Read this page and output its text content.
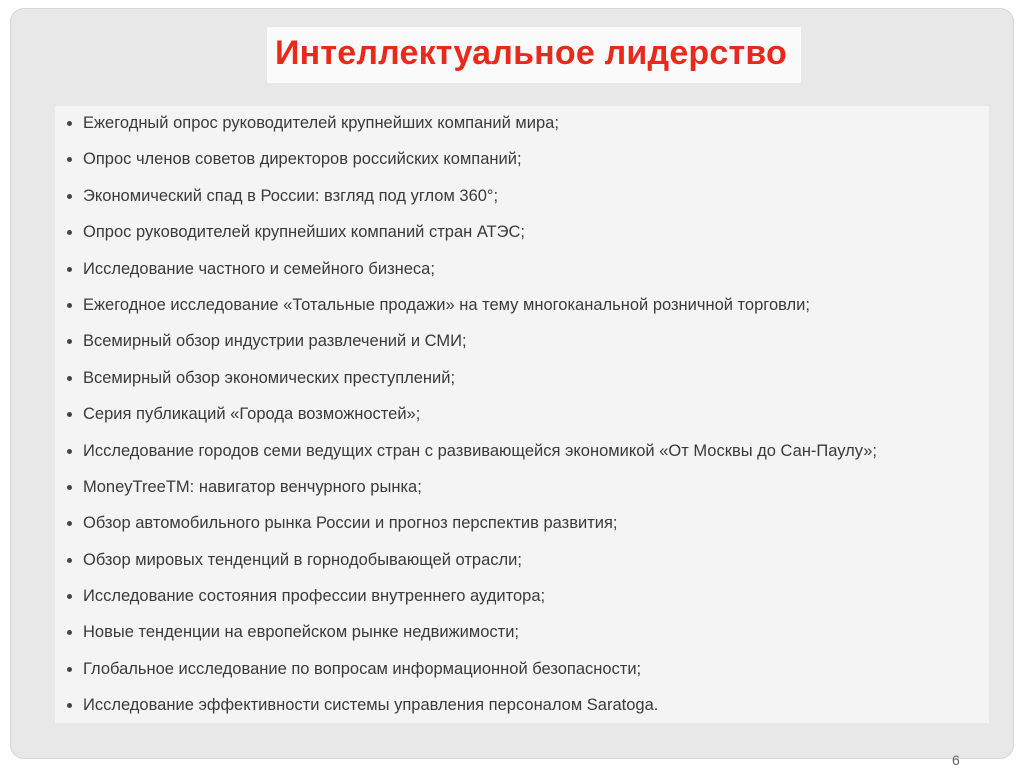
Интеллектуальное лидерство
Ежегодный опрос руководителей крупнейших компаний мира;
Опрос членов советов директоров российских компаний;
Экономический спад в России: взгляд под углом 360°;
Опрос руководителей крупнейших компаний стран АТЭС;
Исследование частного и семейного бизнеса;
Ежегодное исследование «Тотальные продажи» на тему многоканальной розничной торговли;
Всемирный обзор индустрии развлечений и СМИ;
Всемирный обзор экономических преступлений;
Серия публикаций «Города возможностей»;
Исследование городов семи ведущих стран с развивающейся экономикой «От Москвы до Сан-Паулу»;
MoneyTreeTM: навигатор венчурного рынка;
Обзор автомобильного рынка России и прогноз перспектив развития;
Обзор мировых тенденций в горнодобывающей отрасли;
Исследование состояния профессии внутреннего аудитора;
Новые тенденции на европейском рынке недвижимости;
Глобальное исследование по вопросам информационной безопасности;
Исследование эффективности системы управления персоналом Saratoga.
6
